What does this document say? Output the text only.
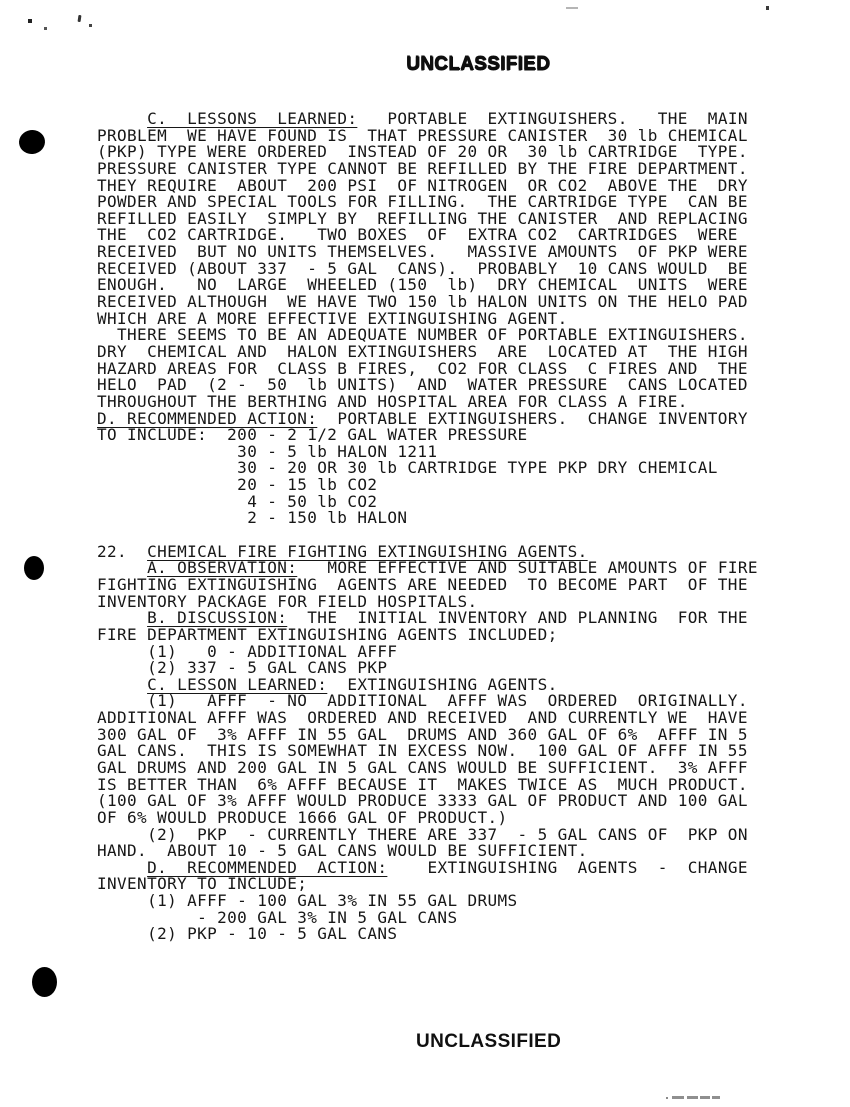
UNCLASSIFIED
C.  LESSONS  LEARNED:   PORTABLE  EXTINGUISHERS.   THE  MAIN
PROBLEM  WE HAVE FOUND IS  THAT PRESSURE CANISTER  30 lb CHEMICAL
(PKP) TYPE WERE ORDERED  INSTEAD OF 20 OR  30 lb CARTRIDGE  TYPE.
PRESSURE CANISTER TYPE CANNOT BE REFILLED BY THE FIRE DEPARTMENT.
THEY REQUIRE  ABOUT  200 PSI  OF NITROGEN  OR CO2  ABOVE THE  DRY
POWDER AND SPECIAL TOOLS FOR FILLING.  THE CARTRIDGE TYPE  CAN BE
REFILLED EASILY  SIMPLY BY  REFILLING THE CANISTER  AND REPLACING
THE  CO2 CARTRIDGE.   TWO BOXES  OF  EXTRA CO2  CARTRIDGES  WERE
RECEIVED  BUT NO UNITS THEMSELVES.   MASSIVE AMOUNTS  OF PKP WERE
RECEIVED (ABOUT 337  - 5 GAL  CANS).  PROBABLY  10 CANS WOULD  BE
ENOUGH.   NO  LARGE  WHEELED (150  lb)  DRY CHEMICAL  UNITS  WERE
RECEIVED ALTHOUGH  WE HAVE TWO 150 lb HALON UNITS ON THE HELO PAD
WHICH ARE A MORE EFFECTIVE EXTINGUISHING AGENT.
THERE SEEMS TO BE AN ADEQUATE NUMBER OF PORTABLE EXTINGUISHERS.
DRY  CHEMICAL AND  HALON EXTINGUISHERS  ARE  LOCATED AT  THE HIGH
HAZARD AREAS FOR  CLASS B FIRES,  CO2 FOR CLASS  C FIRES AND  THE
HELO  PAD  (2 -  50  lb UNITS)  AND  WATER PRESSURE  CANS LOCATED
THROUGHOUT THE BERTHING AND HOSPITAL AREA FOR CLASS A FIRE.
D. RECOMMENDED ACTION:  PORTABLE EXTINGUISHERS.  CHANGE INVENTORY
TO INCLUDE:  200 - 2 1/2 GAL WATER PRESSURE
30 - 5 lb HALON 1211
30 - 20 OR 30 lb CARTRIDGE TYPE PKP DRY CHEMICAL
20 - 15 lb CO2
4 - 50 lb CO2
2 - 150 lb HALON
22.  CHEMICAL FIRE FIGHTING EXTINGUISHING AGENTS.
A. OBSERVATION:   MORE EFFECTIVE AND SUITABLE AMOUNTS OF FIRE
FIGHTING EXTINGUISHING  AGENTS ARE NEEDED  TO BECOME PART  OF THE
INVENTORY PACKAGE FOR FIELD HOSPITALS.
B. DISCUSSION:  THE  INITIAL INVENTORY AND PLANNING  FOR THE
FIRE DEPARTMENT EXTINGUISHING AGENTS INCLUDED;
(1)   0 - ADDITIONAL AFFF
(2) 337 - 5 GAL CANS PKP
C. LESSON LEARNED:  EXTINGUISHING AGENTS.
(1)   AFFF  - NO  ADDITIONAL  AFFF WAS  ORDERED  ORIGINALLY.
ADDITIONAL AFFF WAS  ORDERED AND RECEIVED  AND CURRENTLY WE  HAVE
300 GAL OF  3% AFFF IN 55 GAL  DRUMS AND 360 GAL OF 6%  AFFF IN 5
GAL CANS.  THIS IS SOMEWHAT IN EXCESS NOW.  100 GAL OF AFFF IN 55
GAL DRUMS AND 200 GAL IN 5 GAL CANS WOULD BE SUFFICIENT.  3% AFFF
IS BETTER THAN  6% AFFF BECAUSE IT  MAKES TWICE AS  MUCH PRODUCT.
(100 GAL OF 3% AFFF WOULD PRODUCE 3333 GAL OF PRODUCT AND 100 GAL
OF 6% WOULD PRODUCE 1666 GAL OF PRODUCT.)
(2)  PKP  - CURRENTLY THERE ARE 337  - 5 GAL CANS OF  PKP ON
HAND.  ABOUT 10 - 5 GAL CANS WOULD BE SUFFICIENT.
D.  RECOMMENDED  ACTION:    EXTINGUISHING  AGENTS  -  CHANGE
INVENTORY TO INCLUDE;
(1) AFFF - 100 GAL 3% IN 55 GAL DRUMS
- 200 GAL 3% IN 5 GAL CANS
(2) PKP - 10 - 5 GAL CANS
UNCLASSIFIED
